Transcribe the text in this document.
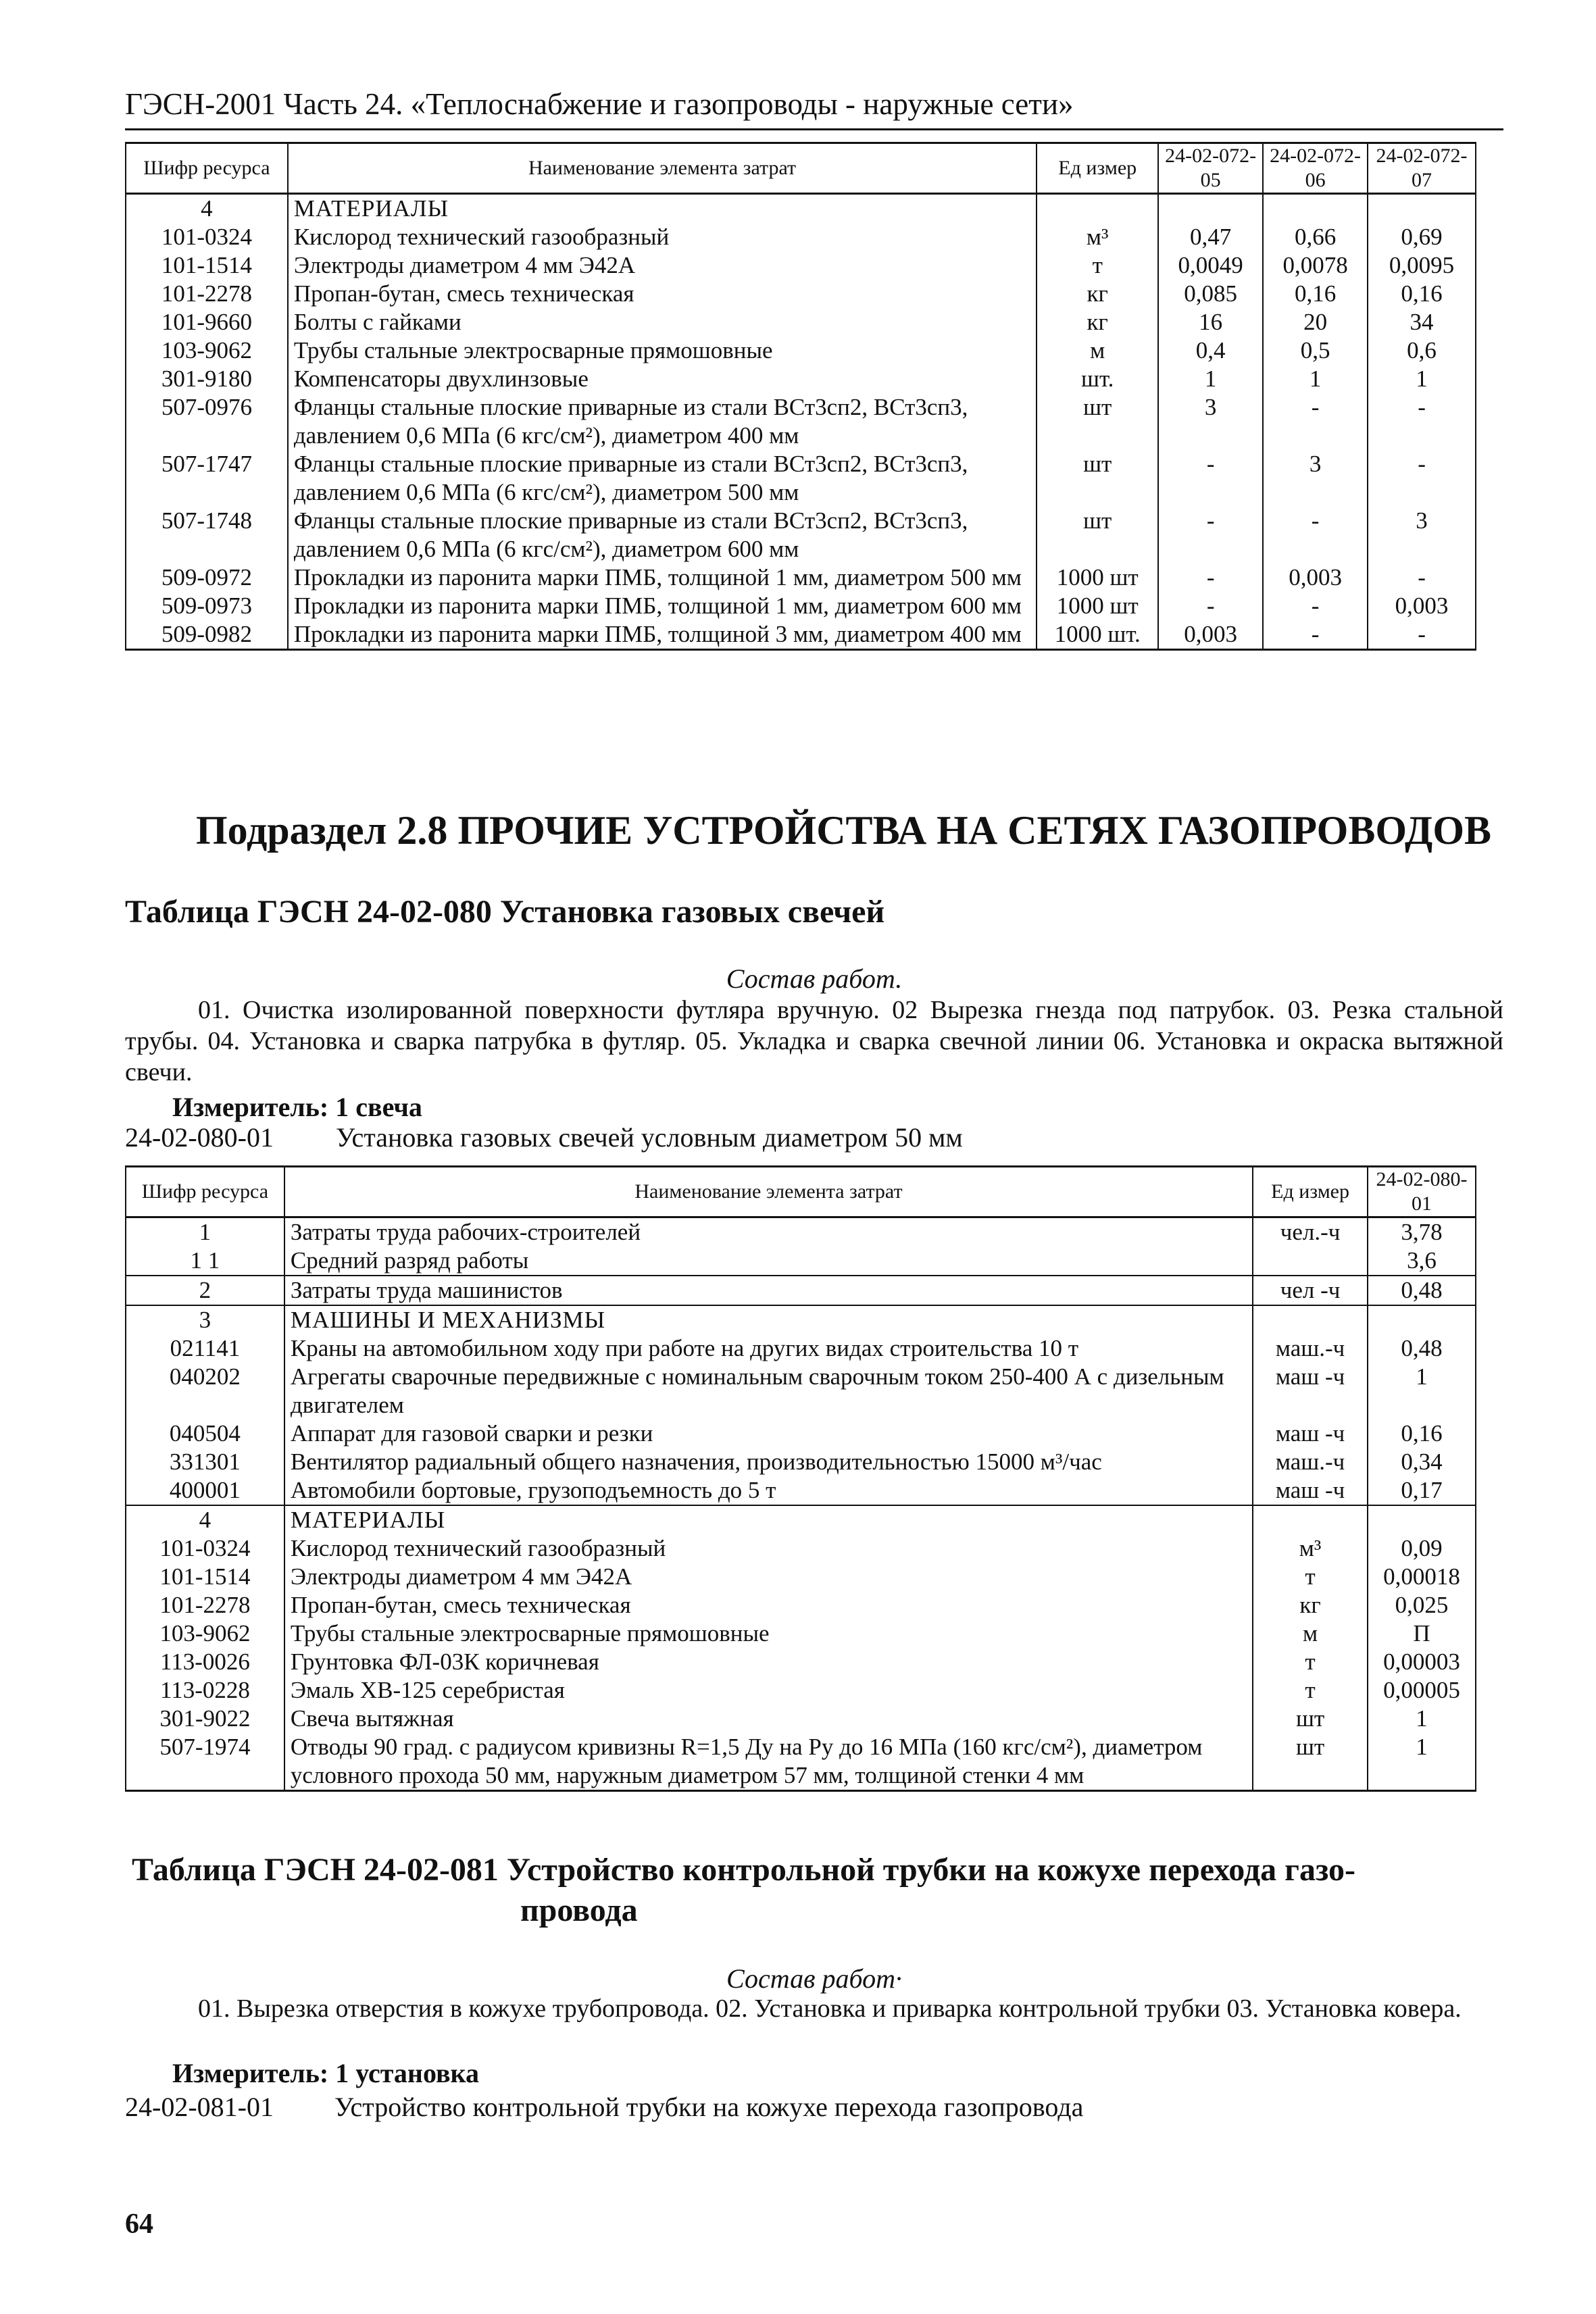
ГЭСН-2001 Часть 24. «Теплоснабжение и газопроводы - наружные сети»
Шифр ресурса	Наименование элемента затрат	Ед измер	24-02-072-05	24-02-072-06	24-02-072-07
4	МАТЕРИАЛЫ				
101-0324	Кислород технический газообразный	м³	0,47	0,66	0,69
101-1514	Электроды диаметром 4 мм Э42А	т	0,0049	0,0078	0,0095
101-2278	Пропан-бутан, смесь техническая	кг	0,085	0,16	0,16
101-9660	Болты с гайками	кг	16	20	34
103-9062	Трубы стальные электросварные прямошовные	м	0,4	0,5	0,6
301-9180	Компенсаторы двухлинзовые	шт.	1	1	1
507-0976	Фланцы стальные плоские приварные из стали ВСт3сп2, ВСт3сп3, давлением 0,6 МПа (6 кгс/см²), диаметром 400 мм	шт	3	-	-
507-1747	Фланцы стальные плоские приварные из стали ВСт3сп2, ВСт3сп3, давлением 0,6 МПа (6 кгс/см²), диаметром 500 мм	шт	-	3	-
507-1748	Фланцы стальные плоские приварные из стали ВСт3сп2, ВСт3сп3, давлением 0,6 МПа (6 кгс/см²), диаметром 600 мм	шт	-	-	3
509-0972	Прокладки из паронита марки ПМБ, толщиной 1 мм, диаметром 500 мм	1000 шт	-	0,003	-
509-0973	Прокладки из паронита марки ПМБ, толщиной 1 мм, диаметром 600 мм	1000 шт	-	-	0,003
509-0982	Прокладки из паронита марки ПМБ, толщиной 3 мм, диаметром 400 мм	1000 шт.	0,003	-	-
Подраздел 2.8 ПРОЧИЕ УСТРОЙСТВА НА СЕТЯХ ГАЗОПРОВОДОВ
Таблица ГЭСН 24-02-080 Установка газовых свечей
Состав работ.
01. Очистка изолированной поверхности футляра вручную. 02 Вырезка гнезда под патрубок. 03. Резка стальной трубы. 04. Установка и сварка патрубка в футляр. 05. Укладка и сварка свечной линии 06. Установка и окраска вытяжной свечи.
Измеритель: 1 свеча
24-02-080-01 Установка газовых свечей условным диаметром 50 мм
Шифр ресурса	Наименование элемента затрат	Ед измер	24-02-080-01
1	Затраты труда рабочих-строителей	чел.-ч	3,78
1 1	Средний разряд работы		3,6
2	Затраты труда машинистов	чел -ч	0,48
3	МАШИНЫ И МЕХАНИЗМЫ		
021141	Краны на автомобильном ходу при работе на других видах строительства 10 т	маш.-ч	0,48
040202	Агрегаты сварочные передвижные с номинальным сварочным током 250-400 А с дизельным двигателем	маш -ч	1
040504	Аппарат для газовой сварки и резки	маш -ч	0,16
331301	Вентилятор радиальный общего назначения, производительностью 15000 м³/час	маш.-ч	0,34
400001	Автомобили бортовые, грузоподъемность до 5 т	маш -ч	0,17
4	МАТЕРИАЛЫ		
101-0324	Кислород технический газообразный	м³	0,09
101-1514	Электроды диаметром 4 мм Э42А	т	0,00018
101-2278	Пропан-бутан, смесь техническая	кг	0,025
103-9062	Трубы стальные электросварные прямошовные	м	П
113-0026	Грунтовка ФЛ-03К коричневая	т	0,00003
113-0228	Эмаль ХВ-125 серебристая	т	0,00005
301-9022	Свеча вытяжная	шт	1
507-1974	Отводы 90 град. с радиусом кривизны R=1,5 Ду на Ру до 16 МПа (160 кгс/см²), диаметром условного прохода 50 мм, наружным диаметром 57 мм, толщиной стенки 4 мм	шт	1
Таблица ГЭСН 24-02-081 Устройство контрольной трубки на кожухе перехода газо-
провода
Состав работ·
01. Вырезка отверстия в кожухе трубопровода. 02. Установка и приварка контрольной трубки 03. Установка ковера.
Измеритель: 1 установка
24-02-081-01 Устройство контрольной трубки на кожухе перехода газопровода
64
